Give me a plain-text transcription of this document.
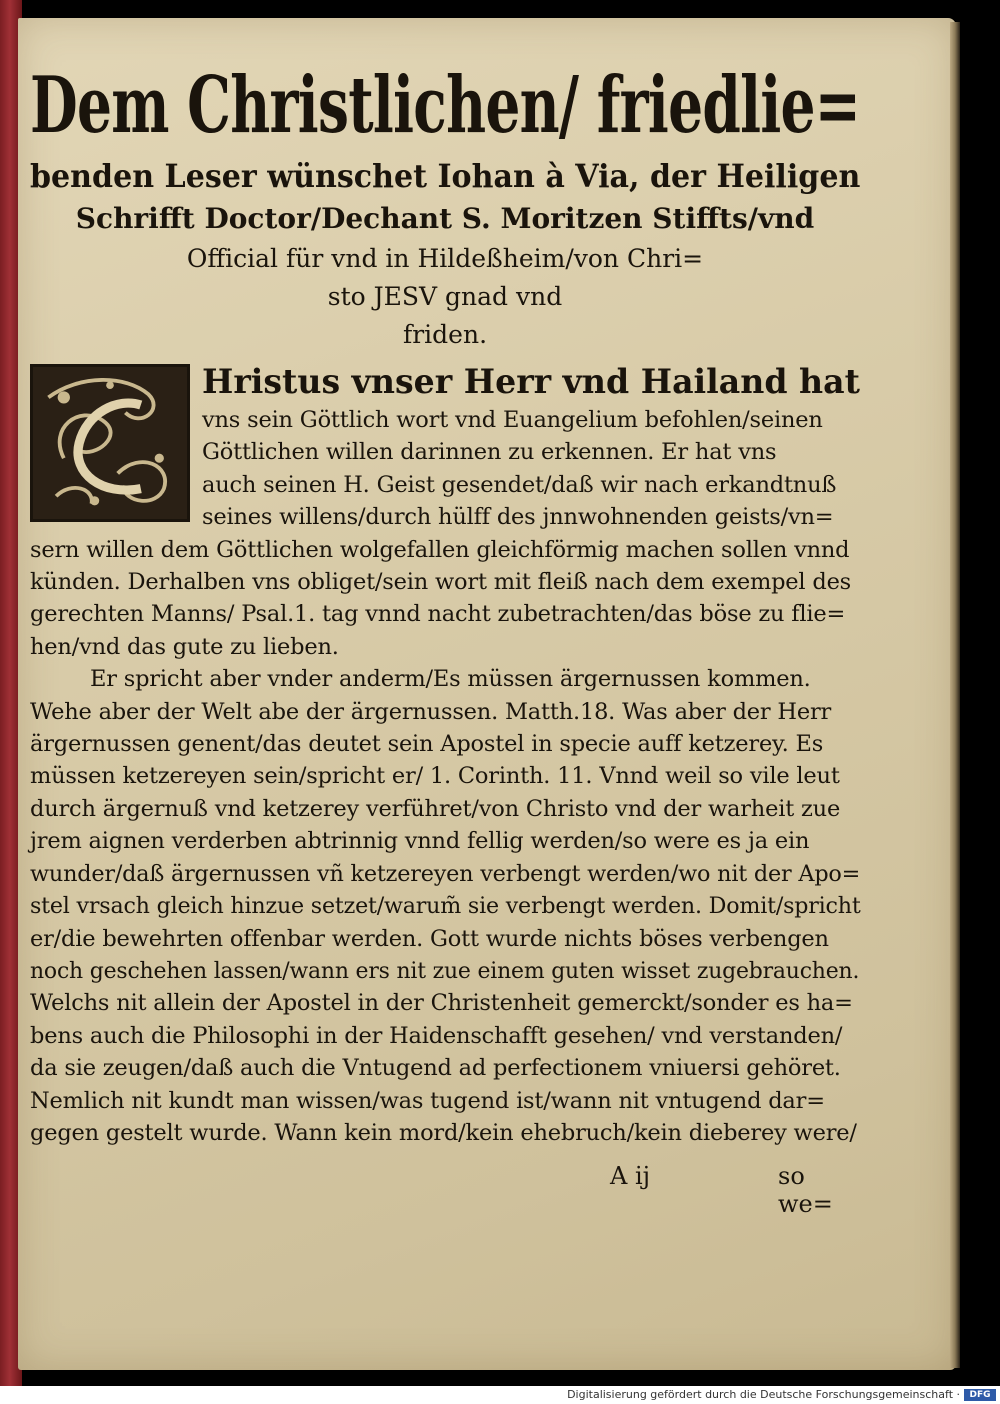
Dem Christlichen/ friedlie=

benden Leser wünschet Iohan à Via, der Heiligen

Schrifft Doctor/Dechant S. Moritzen Stiffts/vnd

Official für vnd in Hildeßheim/von Chri=

sto JESV gnad vnd

friden.

Hristus vnser Herr vnd Hailand hat

vns sein Göttlich wort vnd Euangelium befohlen/seinen

Göttlichen willen darinnen zu erkennen. Er hat vns

auch seinen H. Geist gesendet/daß wir nach erkandtnuß

seines willens/durch hülff des jnnwohnenden geists/vn=

sern willen dem Göttlichen wolgefallen gleichförmig machen sollen vnnd

künden. Derhalben vns obliget/sein wort mit fleiß nach dem exempel des

gerechten Manns/ Psal.1. tag vnnd nacht zubetrachten/das böse zu flie=

hen/vnd das gute zu lieben.

Er spricht aber vnder anderm/Es müssen ärgernussen kommen.

Wehe aber der Welt abe der ärgernussen. Matth.18. Was aber der Herr

ärgernussen genent/das deutet sein Apostel in specie auff ketzerey. Es

müssen ketzereyen sein/spricht er/ 1. Corinth. 11. Vnnd weil so vile leut

durch ärgernuß vnd ketzerey verführet/von Christo vnd der warheit zue

jrem aignen verderben abtrinnig vnnd fellig werden/so were es ja ein

wunder/daß ärgernussen vñ ketzereyen verbengt werden/wo nit der Apo=

stel vrsach gleich hinzue setzet/warum̃ sie verbengt werden. Domit/spricht

er/die bewehrten offenbar werden. Gott wurde nichts böses verbengen

noch geschehen lassen/wann ers nit zue einem guten wisset zugebrauchen.

Welchs nit allein der Apostel in der Christenheit gemerckt/sonder es ha=

bens auch die Philosophi in der Haidenschafft gesehen/ vnd verstanden/

da sie zeugen/daß auch die Vntugend ad perfectionem vniuersi gehöret.

Nemlich nit kundt man wissen/was tugend ist/wann nit vntugend dar=

gegen gestelt wurde. Wann kein mord/kein ehebruch/kein dieberey were/

A ij	so we=
Digitalisierung gefördert durch die Deutsche Forschungsgemeinschaft ·	DFG
